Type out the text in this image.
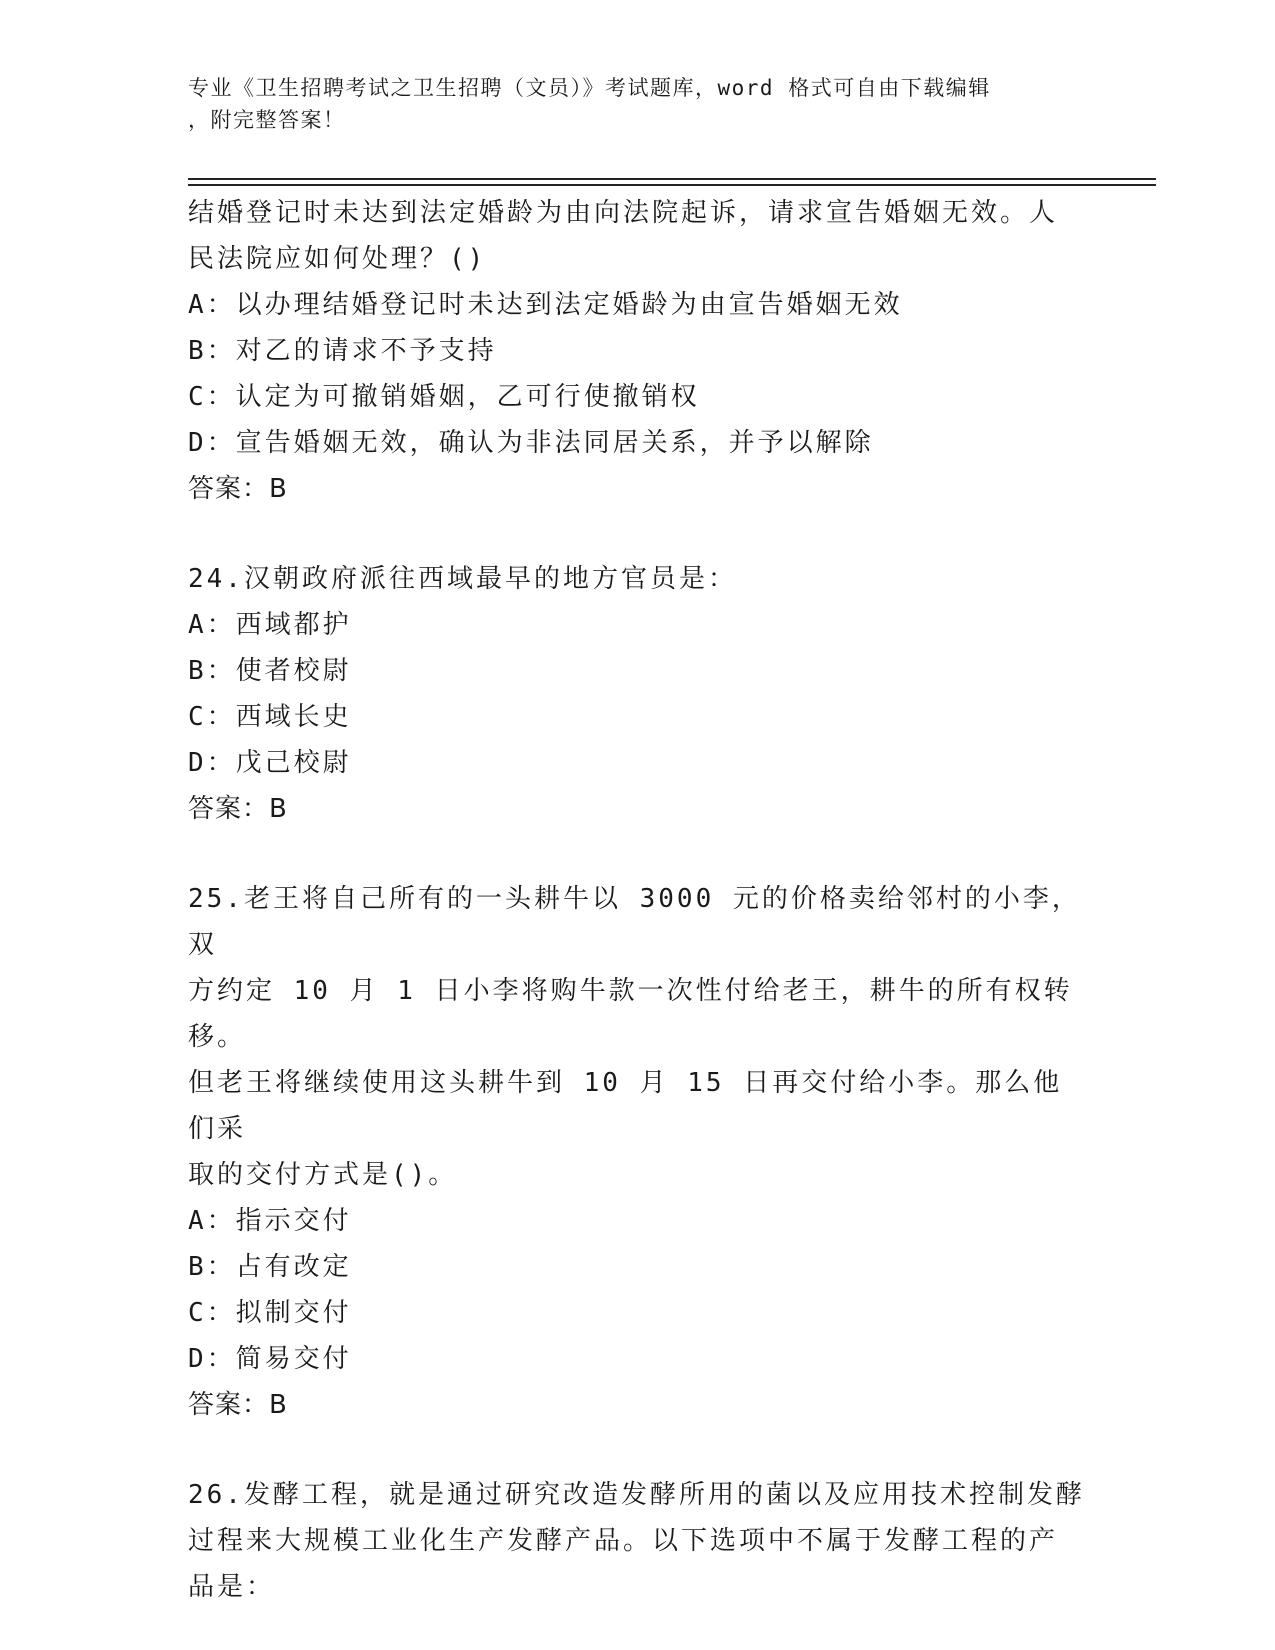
专业《卫生招聘考试之卫生招聘（文员）》考试题库，word 格式可自由下载编辑
，附完整答案！

结婚登记时未达到法定婚龄为由向法院起诉，请求宣告婚姻无效。人

民法院应如何处理？()

A：以办理结婚登记时未达到法定婚龄为由宣告婚姻无效

B：对乙的请求不予支持

C：认定为可撤销婚姻，乙可行使撤销权

D：宣告婚姻无效，确认为非法同居关系，并予以解除

答案：B

24.汉朝政府派往西域最早的地方官员是：

A：西域都护

B：使者校尉

C：西域长史

D：戊己校尉

答案：B

25.老王将自己所有的一头耕牛以 3000 元的价格卖给邻村的小李，双

方约定 10 月 1 日小李将购牛款一次性付给老王，耕牛的所有权转移。

但老王将继续使用这头耕牛到 10 月 15 日再交付给小李。那么他们采

取的交付方式是()。

A：指示交付

B：占有改定

C：拟制交付

D：简易交付

答案：B

26.发酵工程，就是通过研究改造发酵所用的菌以及应用技术控制发酵

过程来大规模工业化生产发酵产品。以下选项中不属于发酵工程的产

品是：
